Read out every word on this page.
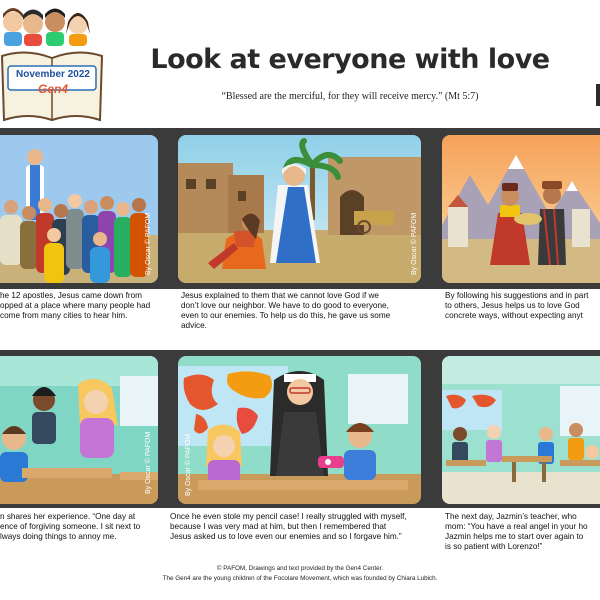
November 2022
Gen4
Look at everyone with love
“Blessed are the merciful, for they will receive mercy.” (Mt 5:7)
By Oscar © PAFOM	By Oscar © PAFOM
he 12 apostles, Jesus came down from
opped at a place where many people had
come from many cities to hear him.
Jesus explained to them that we cannot love God if we
don’t love our neighbor. We have to do good to everyone,
even to our enemies. To help us do this, he gave us some
advice.
By following his suggestions and in part
to others, Jesus helps us to love God
concrete ways, without expecting anyt
By Oscar © PAFOM	By Oscar © PAFOM
n shares her experience. “One day at
ence of forgiving someone. I sit next to
lways doing things to annoy me.
Once he even stole my pencil case! I really struggled with myself,
because I was very mad at him, but then I remembered that
Jesus asked us to love even our enemies and so I forgave him.”
The next day, Jazmin’s teacher, who
mom: “You have a real angel in your ho
Jazmin helps me to start over again to
is so patient with Lorenzo!”
© PAFOM, Drawings and text provided by the Gen4 Center.
The Gen4 are the young children of the Focolare Movement, which was founded by Chiara Lubich.
